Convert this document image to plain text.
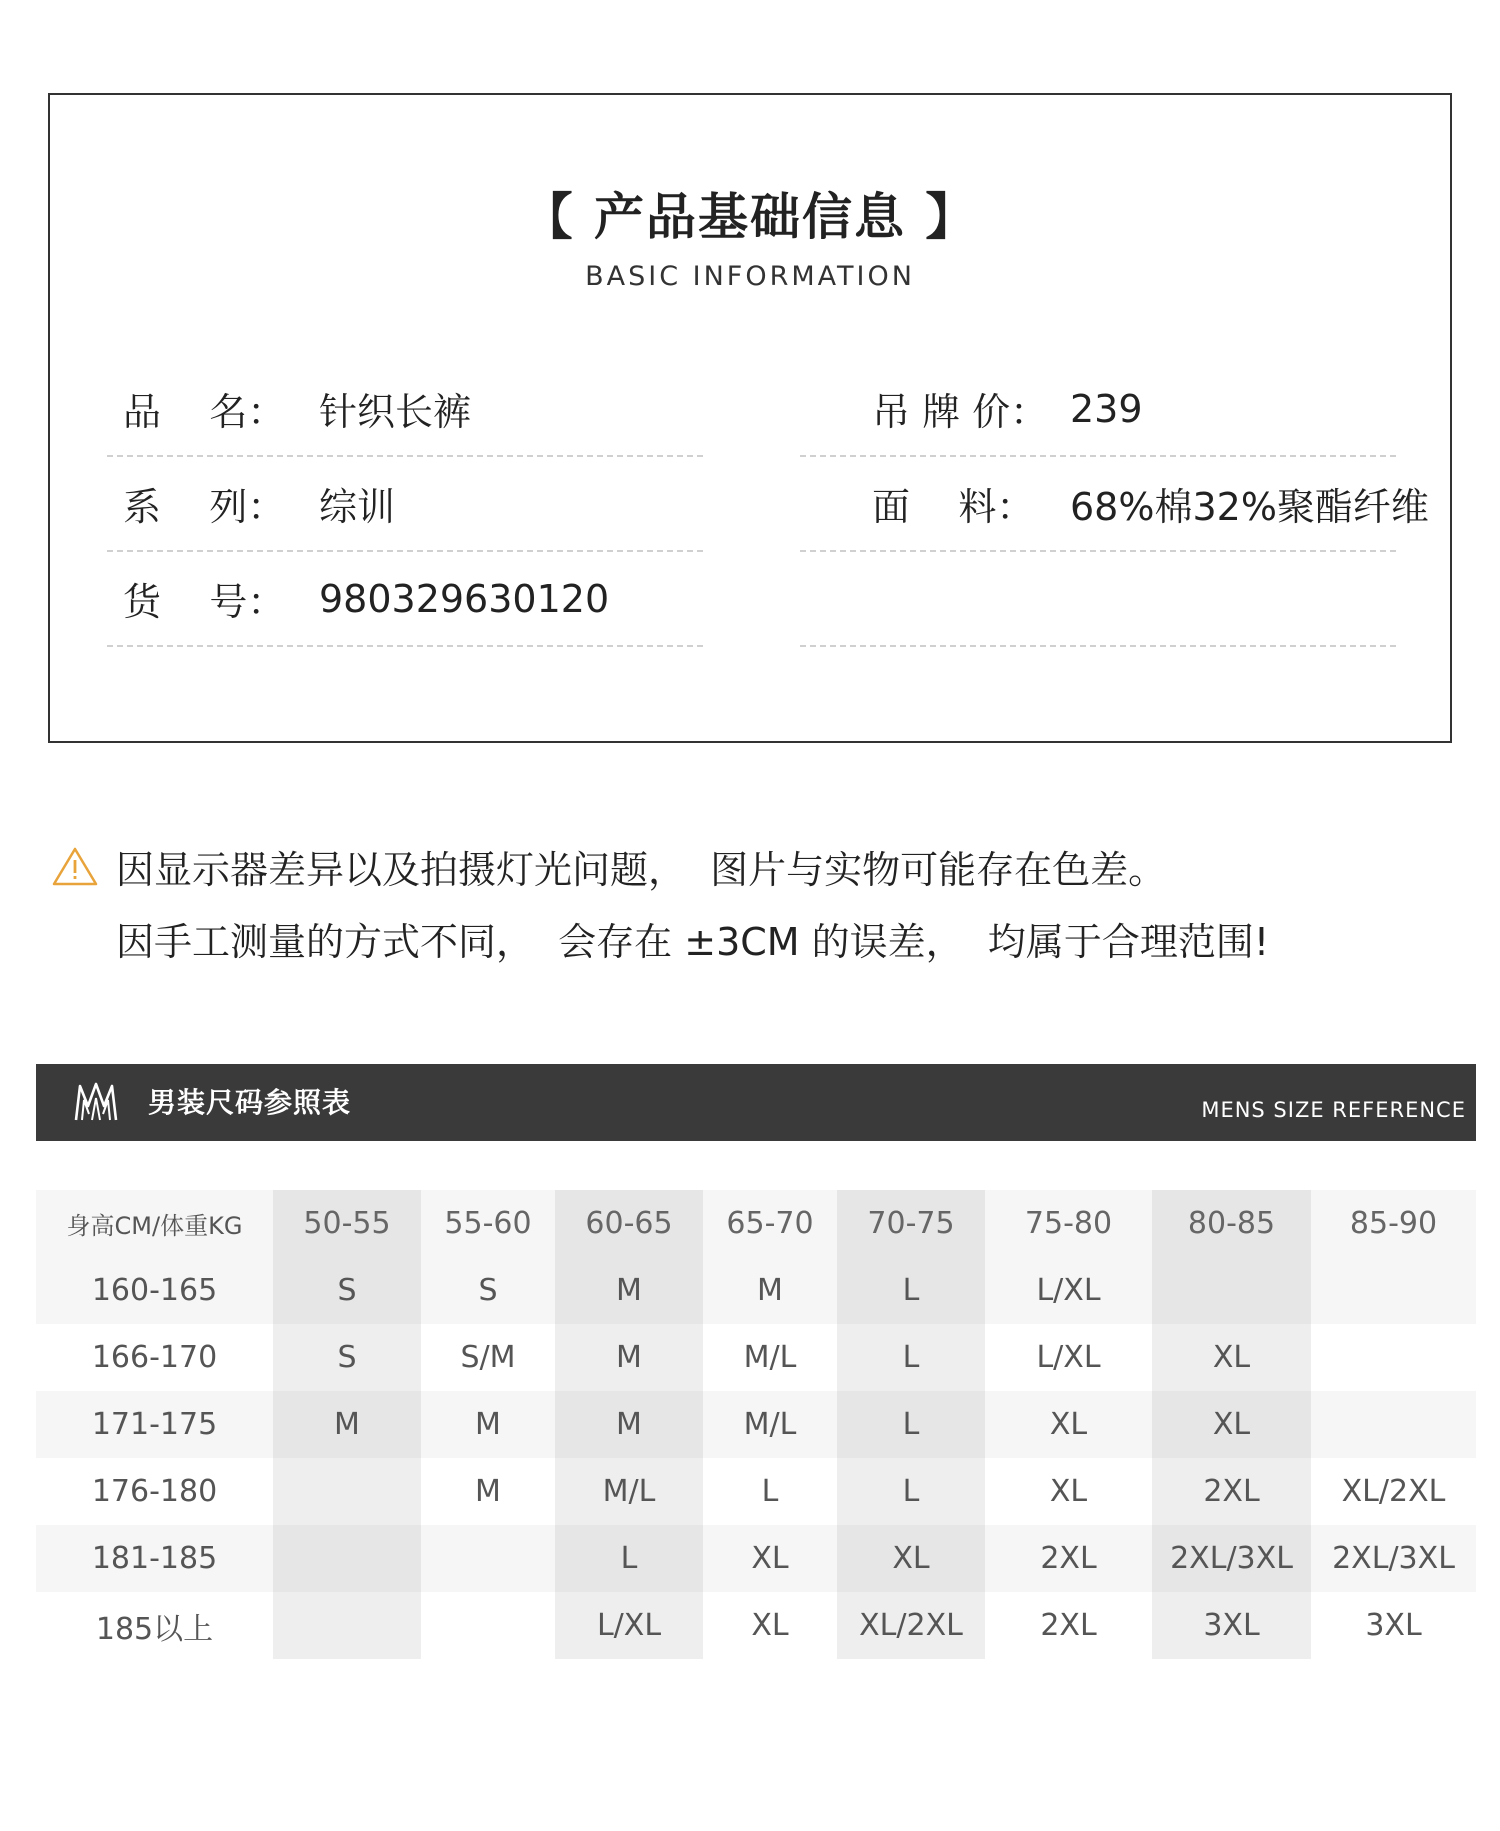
【 产品基础信息 】
BASIC INFORMATION
品    名： 针织长裤
系    列： 综训
货    号： 980329630120
吊 牌 价： 239
面    料： 68%棉32%聚酯纤维
因显示器差异以及拍摄灯光问题，  图片与实物可能存在色差。
因手工测量的方式不同，  会存在 ±3CM 的误差，  均属于合理范围!
男装尺码参照表	MENS SIZE REFERENCE
身高CM/体重KG	50-55	55-60	60-65	65-70	70-75	75-80	80-85	85-90
160-165	S	S	M	M	L	L/XL		
166-170	S	S/M	M	M/L	L	L/XL	XL	
171-175	M	M	M	M/L	L	XL	XL	
176-180		M	M/L	L	L	XL	2XL	XL/2XL
181-185			L	XL	XL	2XL	2XL/3XL	2XL/3XL
185以上			L/XL	XL	XL/2XL	2XL	3XL	3XL
